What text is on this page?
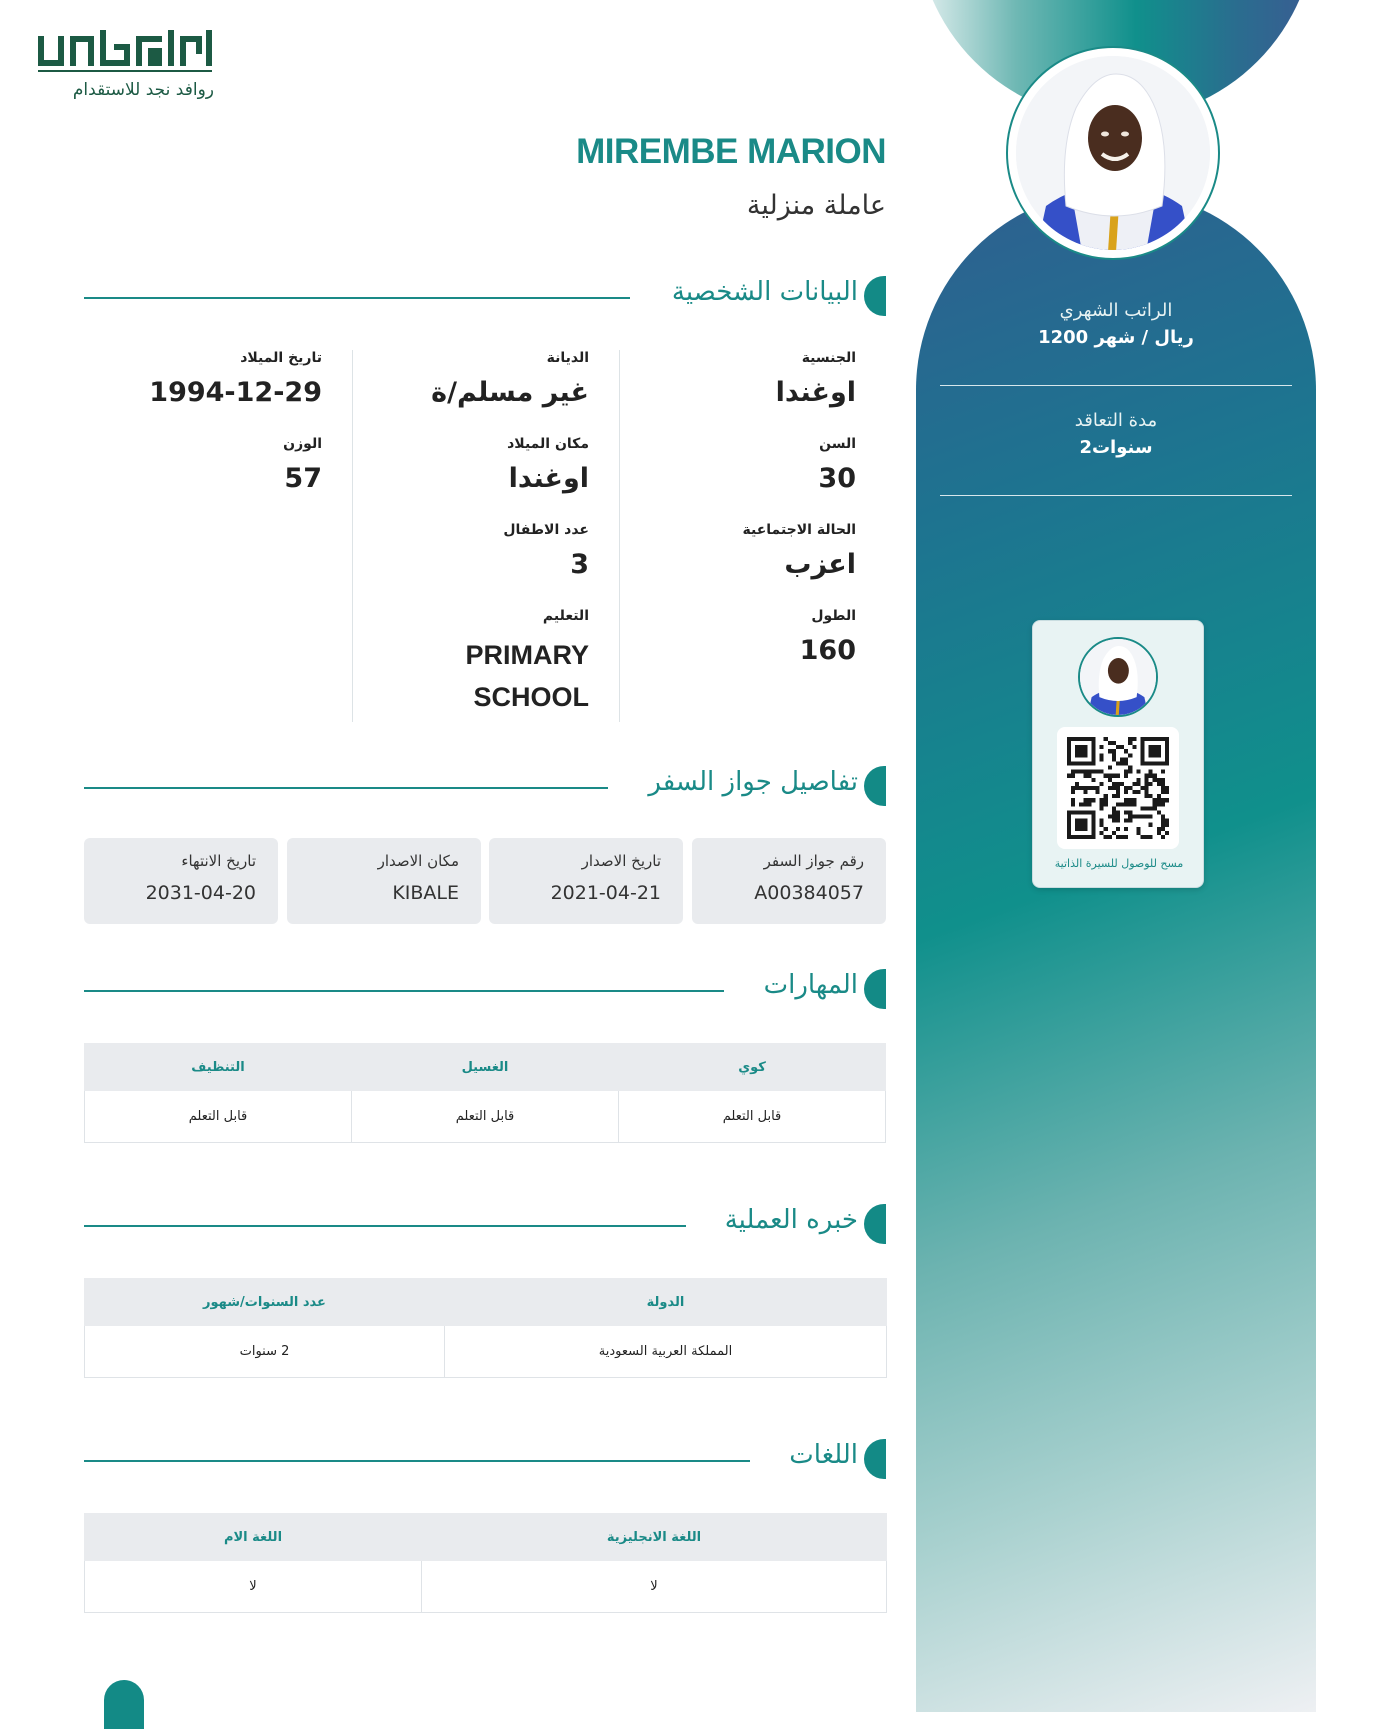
الراتب الشهري
1200 ريال / شهر
مدة التعاقد
2سنوات
مسح للوصول للسيرة الذاتية
روافد نجد للاستقدام
MIREMBE MARION
عاملة منزلية
البيانات الشخصية
الجنسية
اوغندا
السن
30
الحالة الاجتماعية
اعزب
الطول
160
الديانة
غير مسلم/ة
مكان الميلاد
اوغندا
عدد الاطفال
3
التعليم
PRIMARY
SCHOOL
تاريخ الميلاد
1994-12-29
الوزن
57
تفاصيل جواز السفر
رقم جواز السفر
A00384057
تاريخ الاصدار
2021-04-21
مكان الاصدار
KIBALE
تاريخ الانتهاء
2031-04-20
المهارات
كوي	الغسيل	التنظيف
قابل التعلم	قابل التعلم	قابل التعلم
خبره العملية
الدولة	عدد السنوات/شهور
المملكة العربية السعودية	2 سنوات
اللغات
اللغة الانجليزية	اللغة الام
لا	لا
